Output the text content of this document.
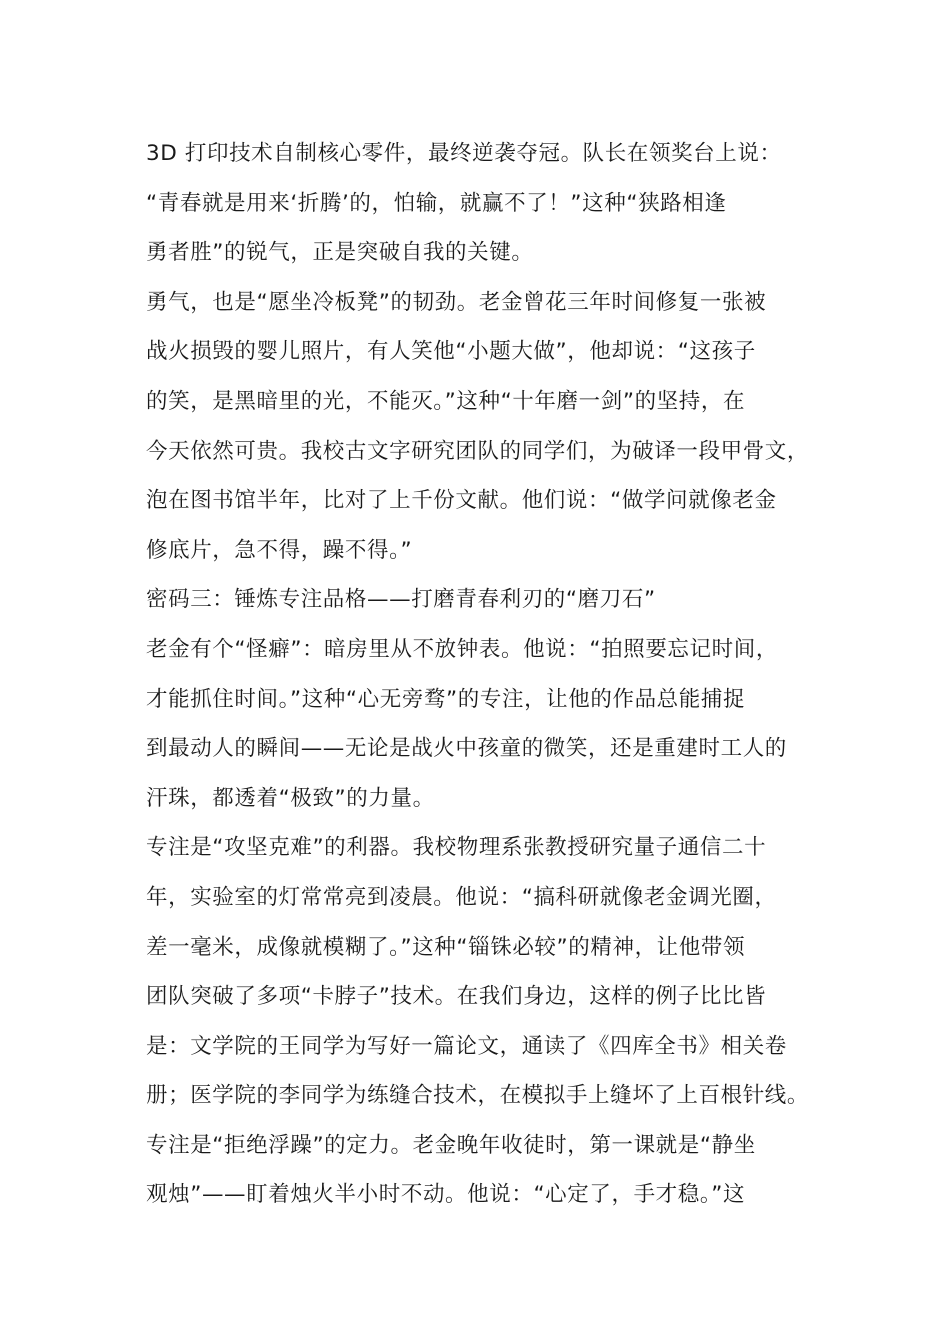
3D 打印技术自制核心零件，最终逆袭夺冠。队长在领奖台上说：
“青春就是用来‘折腾’的，怕输，就赢不了！”这种“狭路相逢
勇者胜”的锐气，正是突破自我的关键。
勇气，也是“愿坐冷板凳”的韧劲。老金曾花三年时间修复一张被
战火损毁的婴儿照片，有人笑他“小题大做”，他却说：“这孩子
的笑，是黑暗里的光，不能灭。”这种“十年磨一剑”的坚持，在
今天依然可贵。我校古文字研究团队的同学们，为破译一段甲骨文，
泡在图书馆半年，比对了上千份文献。他们说：“做学问就像老金
修底片，急不得，躁不得。”
密码三：锤炼专注品格——打磨青春利刃的“磨刀石”
老金有个“怪癖”：暗房里从不放钟表。他说：“拍照要忘记时间，
才能抓住时间。”这种“心无旁骛”的专注，让他的作品总能捕捉
到最动人的瞬间——无论是战火中孩童的微笑，还是重建时工人的
汗珠，都透着“极致”的力量。
专注是“攻坚克难”的利器。我校物理系张教授研究量子通信二十
年，实验室的灯常常亮到凌晨。他说：“搞科研就像老金调光圈，
差一毫米，成像就模糊了。”这种“锱铢必较”的精神，让他带领
团队突破了多项“卡脖子”技术。在我们身边，这样的例子比比皆
是：文学院的王同学为写好一篇论文，通读了《四库全书》相关卷
册；医学院的李同学为练缝合技术，在模拟手上缝坏了上百根针线。
专注是“拒绝浮躁”的定力。老金晚年收徒时，第一课就是“静坐
观烛”——盯着烛火半小时不动。他说：“心定了，手才稳。”这
